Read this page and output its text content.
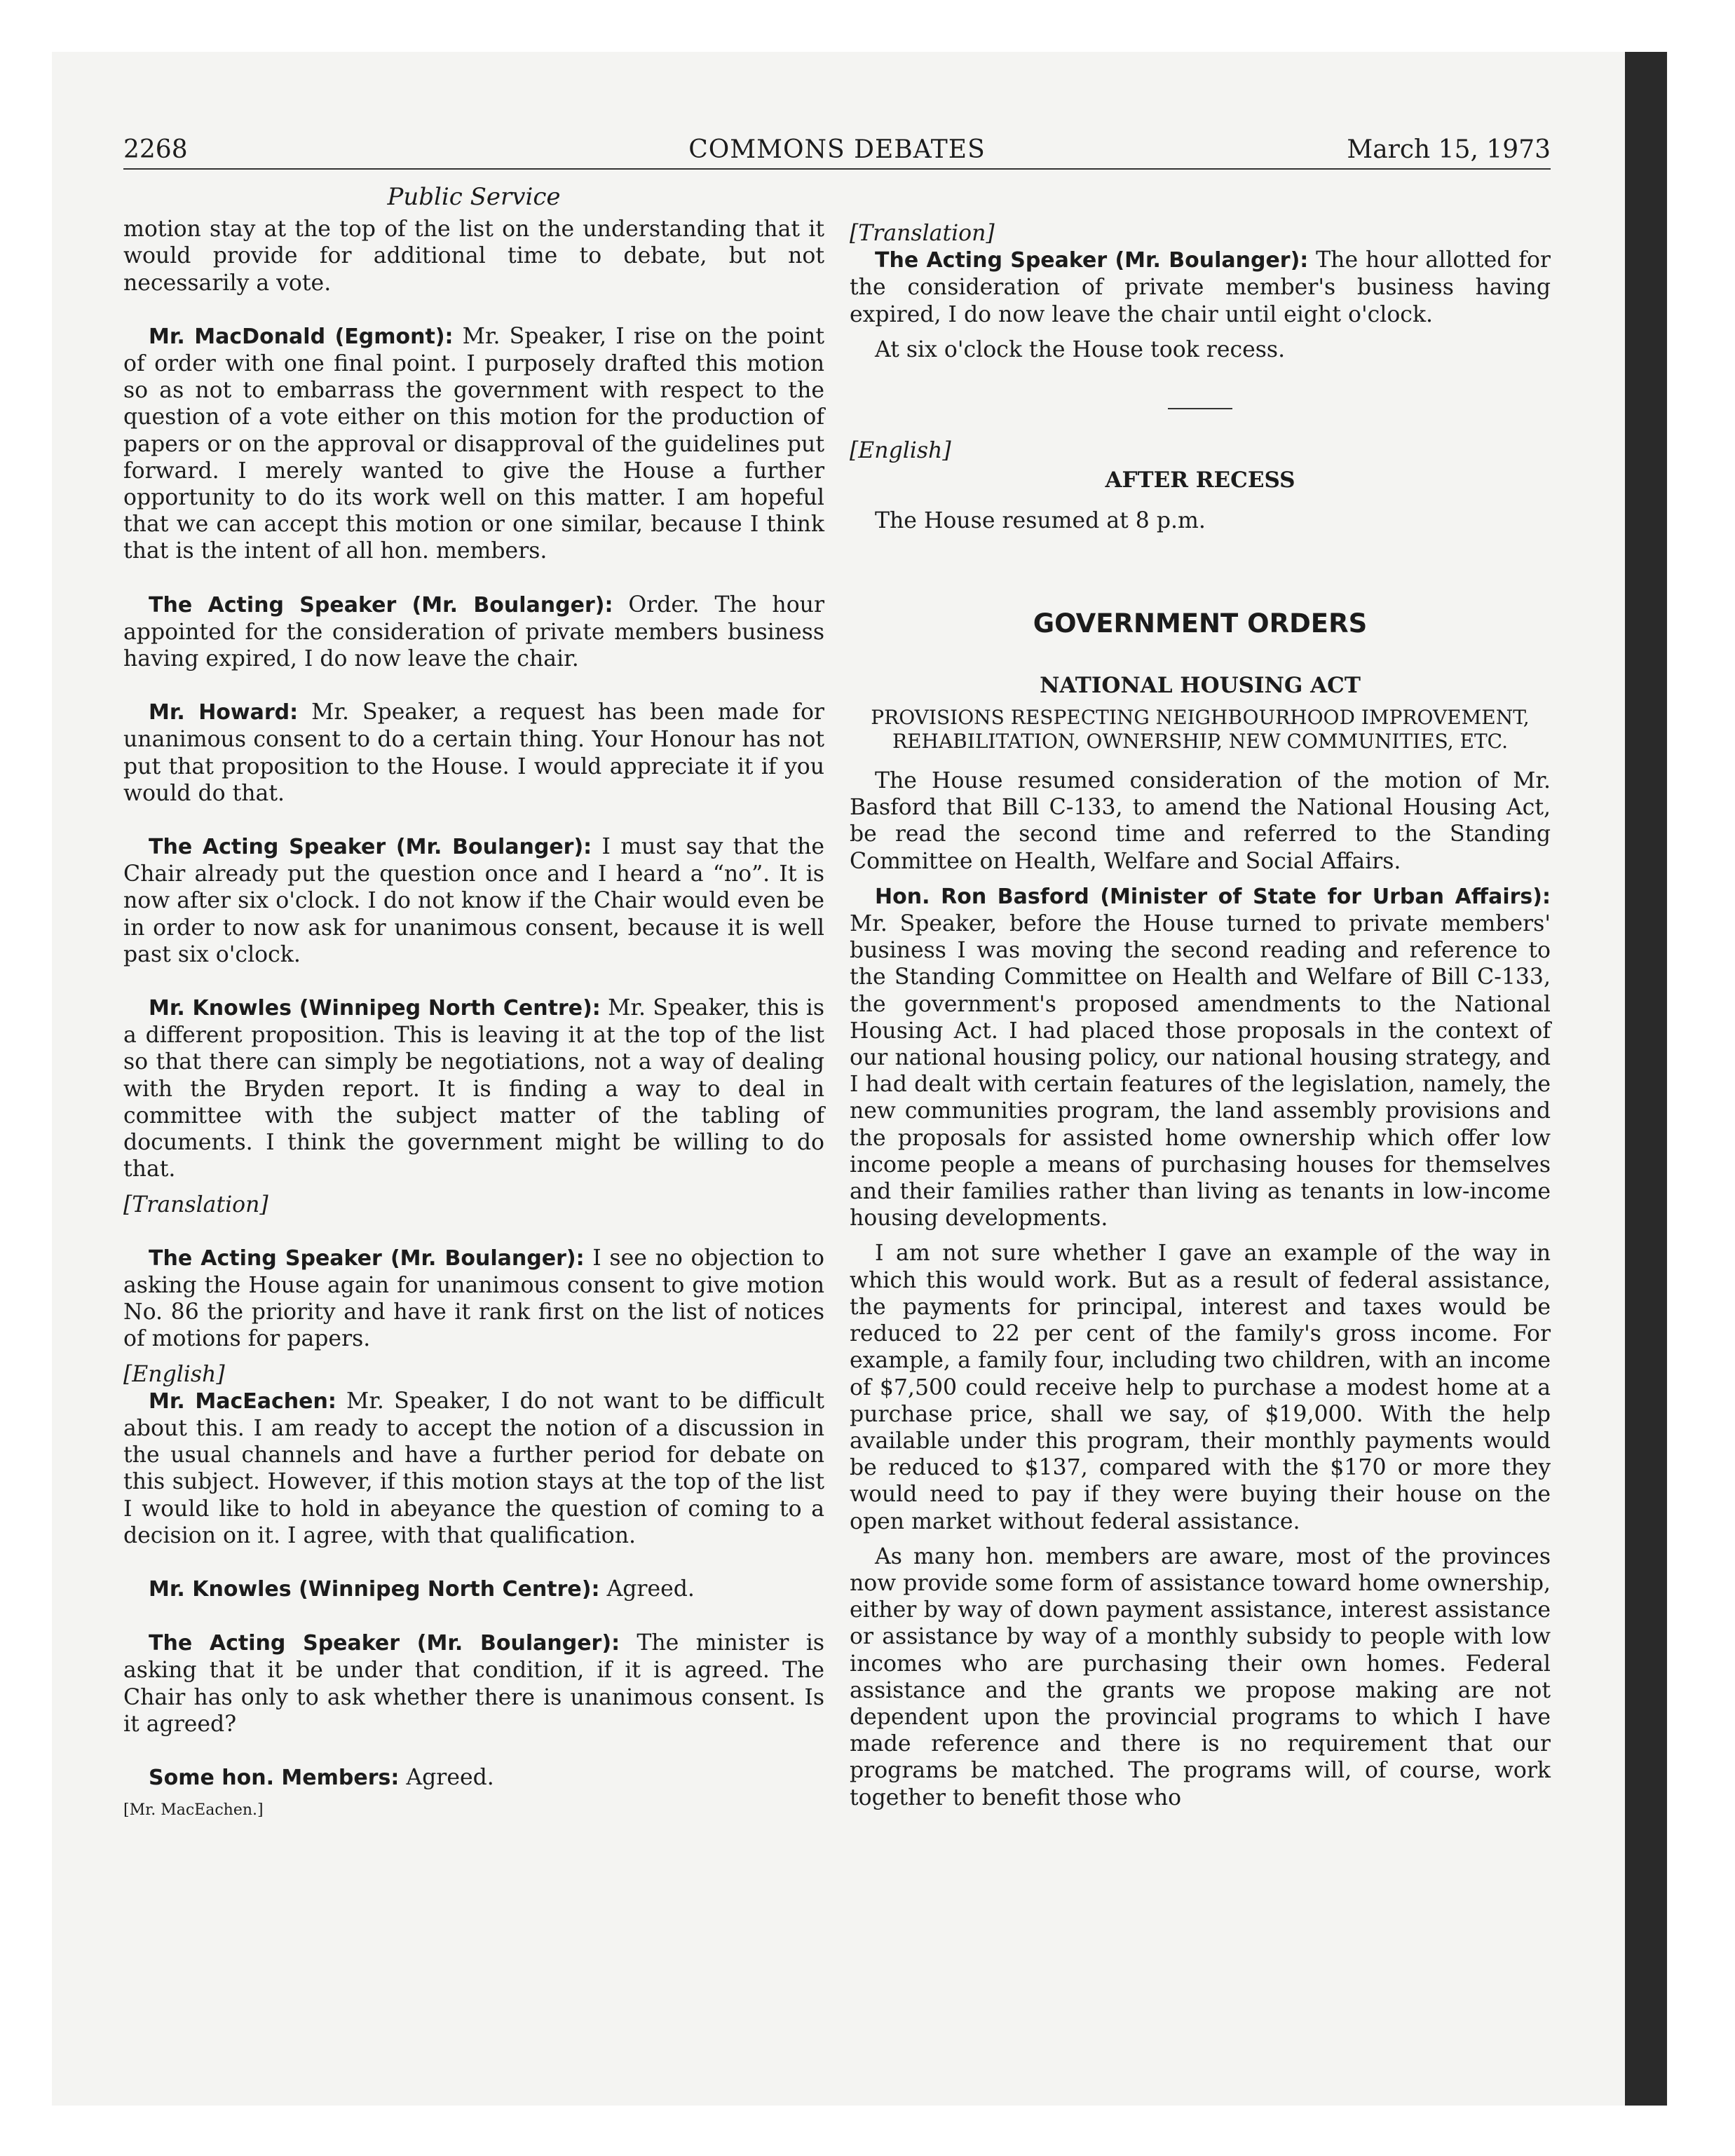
2268	COMMONS DEBATES	March 15, 1973

Public Service

motion stay at the top of the list on the understanding that it would provide for additional time to debate, but not necessarily a vote.

Mr. MacDonald (Egmont): Mr. Speaker, I rise on the point of order with one final point. I purposely drafted this motion so as not to embarrass the government with respect to the question of a vote either on this motion for the production of papers or on the approval or disapproval of the guidelines put forward. I merely wanted to give the House a further opportunity to do its work well on this matter. I am hopeful that we can accept this motion or one similar, because I think that is the intent of all hon. members.

The Acting Speaker (Mr. Boulanger): Order. The hour appointed for the consideration of private members business having expired, I do now leave the chair.

Mr. Howard: Mr. Speaker, a request has been made for unanimous consent to do a certain thing. Your Honour has not put that proposition to the House. I would appreciate it if you would do that.

The Acting Speaker (Mr. Boulanger): I must say that the Chair already put the question once and I heard a “no”. It is now after six o'clock. I do not know if the Chair would even be in order to now ask for unanimous consent, because it is well past six o'clock.

Mr. Knowles (Winnipeg North Centre): Mr. Speaker, this is a different proposition. This is leaving it at the top of the list so that there can simply be negotiations, not a way of dealing with the Bryden report. It is finding a way to deal in committee with the subject matter of the tabling of documents. I think the government might be willing to do that.

[Translation]

The Acting Speaker (Mr. Boulanger): I see no objection to asking the House again for unanimous consent to give motion No. 86 the priority and have it rank first on the list of notices of motions for papers.

[English]

Mr. MacEachen: Mr. Speaker, I do not want to be difficult about this. I am ready to accept the notion of a discussion in the usual channels and have a further period for debate on this subject. However, if this motion stays at the top of the list I would like to hold in abeyance the question of coming to a decision on it. I agree, with that qualification.

Mr. Knowles (Winnipeg North Centre): Agreed.

The Acting Speaker (Mr. Boulanger): The minister is asking that it be under that condition, if it is agreed. The Chair has only to ask whether there is unanimous consent. Is it agreed?

Some hon. Members: Agreed.

[Mr. MacEachen.]

[Translation]

The Acting Speaker (Mr. Boulanger): The hour allotted for the consideration of private member's business having expired, I do now leave the chair until eight o'clock.

At six o'clock the House took recess.

[English]

AFTER RECESS

The House resumed at 8 p.m.

GOVERNMENT ORDERS

NATIONAL HOUSING ACT

PROVISIONS RESPECTING NEIGHBOURHOOD IMPROVEMENT, REHABILITATION, OWNERSHIP, NEW COMMUNITIES, ETC.

The House resumed consideration of the motion of Mr. Basford that Bill C-133, to amend the National Housing Act, be read the second time and referred to the Standing Committee on Health, Welfare and Social Affairs.

Hon. Ron Basford (Minister of State for Urban Affairs): Mr. Speaker, before the House turned to private members' business I was moving the second reading and reference to the Standing Committee on Health and Welfare of Bill C-133, the government's proposed amendments to the National Housing Act. I had placed those proposals in the context of our national housing policy, our national housing strategy, and I had dealt with certain features of the legislation, namely, the new communities program, the land assembly provisions and the proposals for assisted home ownership which offer low income people a means of purchasing houses for themselves and their families rather than living as tenants in low-income housing developments.

I am not sure whether I gave an example of the way in which this would work. But as a result of federal assistance, the payments for principal, interest and taxes would be reduced to 22 per cent of the family's gross income. For example, a family four, including two children, with an income of $7,500 could receive help to purchase a modest home at a purchase price, shall we say, of $19,000. With the help available under this program, their monthly payments would be reduced to $137, compared with the $170 or more they would need to pay if they were buying their house on the open market without federal assistance.

As many hon. members are aware, most of the provinces now provide some form of assistance toward home ownership, either by way of down payment assistance, interest assistance or assistance by way of a monthly subsidy to people with low incomes who are purchasing their own homes. Federal assistance and the grants we propose making are not dependent upon the provincial programs to which I have made reference and there is no requirement that our programs be matched. The programs will, of course, work together to benefit those who
